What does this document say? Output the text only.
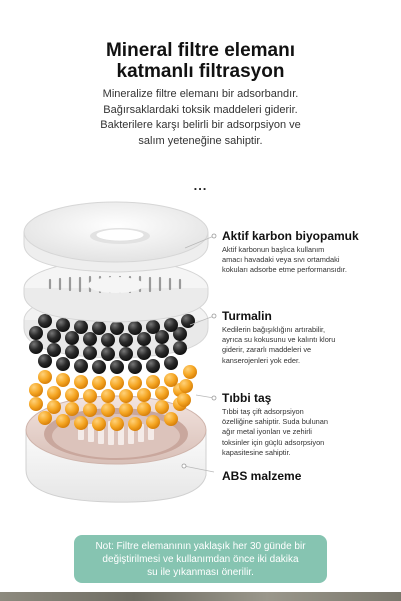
Mineral filtre elemanı
katmanlı filtrasyon
Mineralize filtre elemanı bir adsorbandır.
Bağırsaklardaki toksik maddeleri giderir.
Bakterilere karşı belirli bir adsorpsiyon ve
salım yeteneğine sahiptir.
...
Aktif karbon biyopamuk
Aktif karbonun başlıca kullanım
amacı havadaki veya sıvı ortamdaki
kokuları adsorbe etme performansıdır.
Turmalin
Kedilerin bağışıklığını artırabilir,
ayrıca su kokusunu ve kalıntı kloru
giderir, zararlı maddeleri ve
kanserojenleri yok eder.
Tıbbi taş
Tıbbi taş çift adsorpsiyon
özelliğine sahiptir. Suda bulunan
ağır metal iyonları ve zehirli
toksinler için güçlü adsorpsiyon
kapasitesine sahiptir.
ABS malzeme
Not: Filtre elemanının yaklaşık her 30 günde bir
değiştirilmesi ve kullanımdan önce iki dakika
su ile yıkanması önerilir.
